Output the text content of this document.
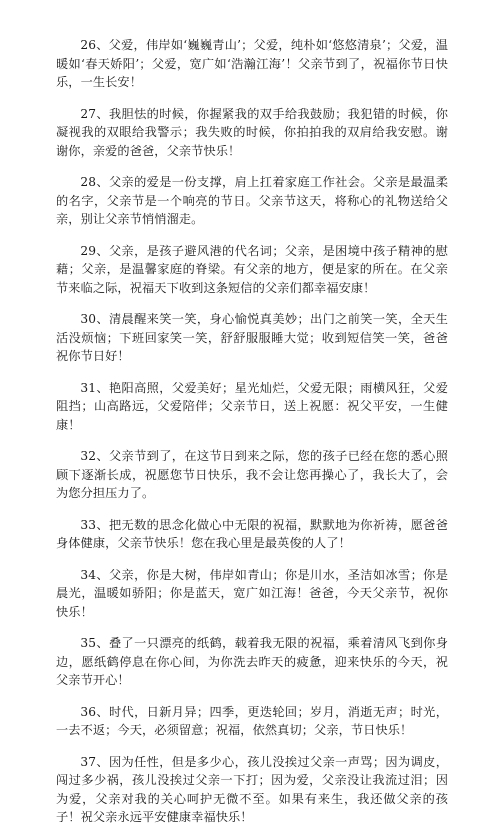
26、父爱，伟岸如‘巍巍青山’；父爱，纯朴如‘悠悠清泉’；父爱，温暖如‘春天娇阳’；父爱，宽广如‘浩瀚江海’！父亲节到了，祝福你节日快乐，一生长安！

27、我胆怯的时候，你握紧我的双手给我鼓励；我犯错的时候，你凝视我的双眼给我警示；我失败的时候，你拍拍我的双肩给我安慰。谢谢你，亲爱的爸爸，父亲节快乐！

28、父亲的爱是一份支撑，肩上扛着家庭工作社会。父亲是最温柔的名字，父亲节是一个响亮的节日。父亲节这天，将称心的礼物送给父亲，别让父亲节悄悄溜走。

29、父亲，是孩子避风港的代名词；父亲，是困境中孩子精神的慰藉；父亲，是温馨家庭的脊梁。有父亲的地方，便是家的所在。在父亲节来临之际，祝福天下收到这条短信的父亲们都幸福安康！

30、清晨醒来笑一笑，身心愉悦真美妙；出门之前笑一笑，全天生活没烦恼；下班回家笑一笑，舒舒服服睡大觉；收到短信笑一笑，爸爸祝你节日好！

31、艳阳高照，父爱美好；星光灿烂，父爱无限；雨横风狂，父爱阻挡；山高路远，父爱陪伴；父亲节日，送上祝愿：祝父平安，一生健康！

32、父亲节到了，在这节日到来之际，您的孩子已经在您的悉心照顾下逐渐长成，祝愿您节日快乐，我不会让您再操心了，我长大了，会为您分担压力了。

33、把无数的思念化做心中无限的祝福，默默地为你祈祷，愿爸爸身体健康，父亲节快乐！您在我心里是最英俊的人了！

34、父亲，你是大树，伟岸如青山；你是川水，圣洁如冰雪；你是晨光，温暖如骄阳；你是蓝天，宽广如江海！爸爸，今天父亲节，祝你快乐！

35、叠了一只漂亮的纸鹤，载着我无限的祝福，乘着清风飞到你身边，愿纸鹤停息在你心间，为你洗去昨天的疲惫，迎来快乐的今天，祝父亲节开心！

36、时代，日新月异；四季，更迭轮回；岁月，消逝无声；时光，一去不返；今天，必须留意；祝福，依然真切；父亲，节日快乐！

37、因为任性，但是多少心，孩儿没挨过父亲一声骂；因为调皮，闯过多少祸，孩儿没挨过父亲一下打；因为爱，父亲没让我流过泪；因为爱，父亲对我的关心呵护无微不至。如果有来生，我还做父亲的孩子！祝父亲永远平安健康幸福快乐！
